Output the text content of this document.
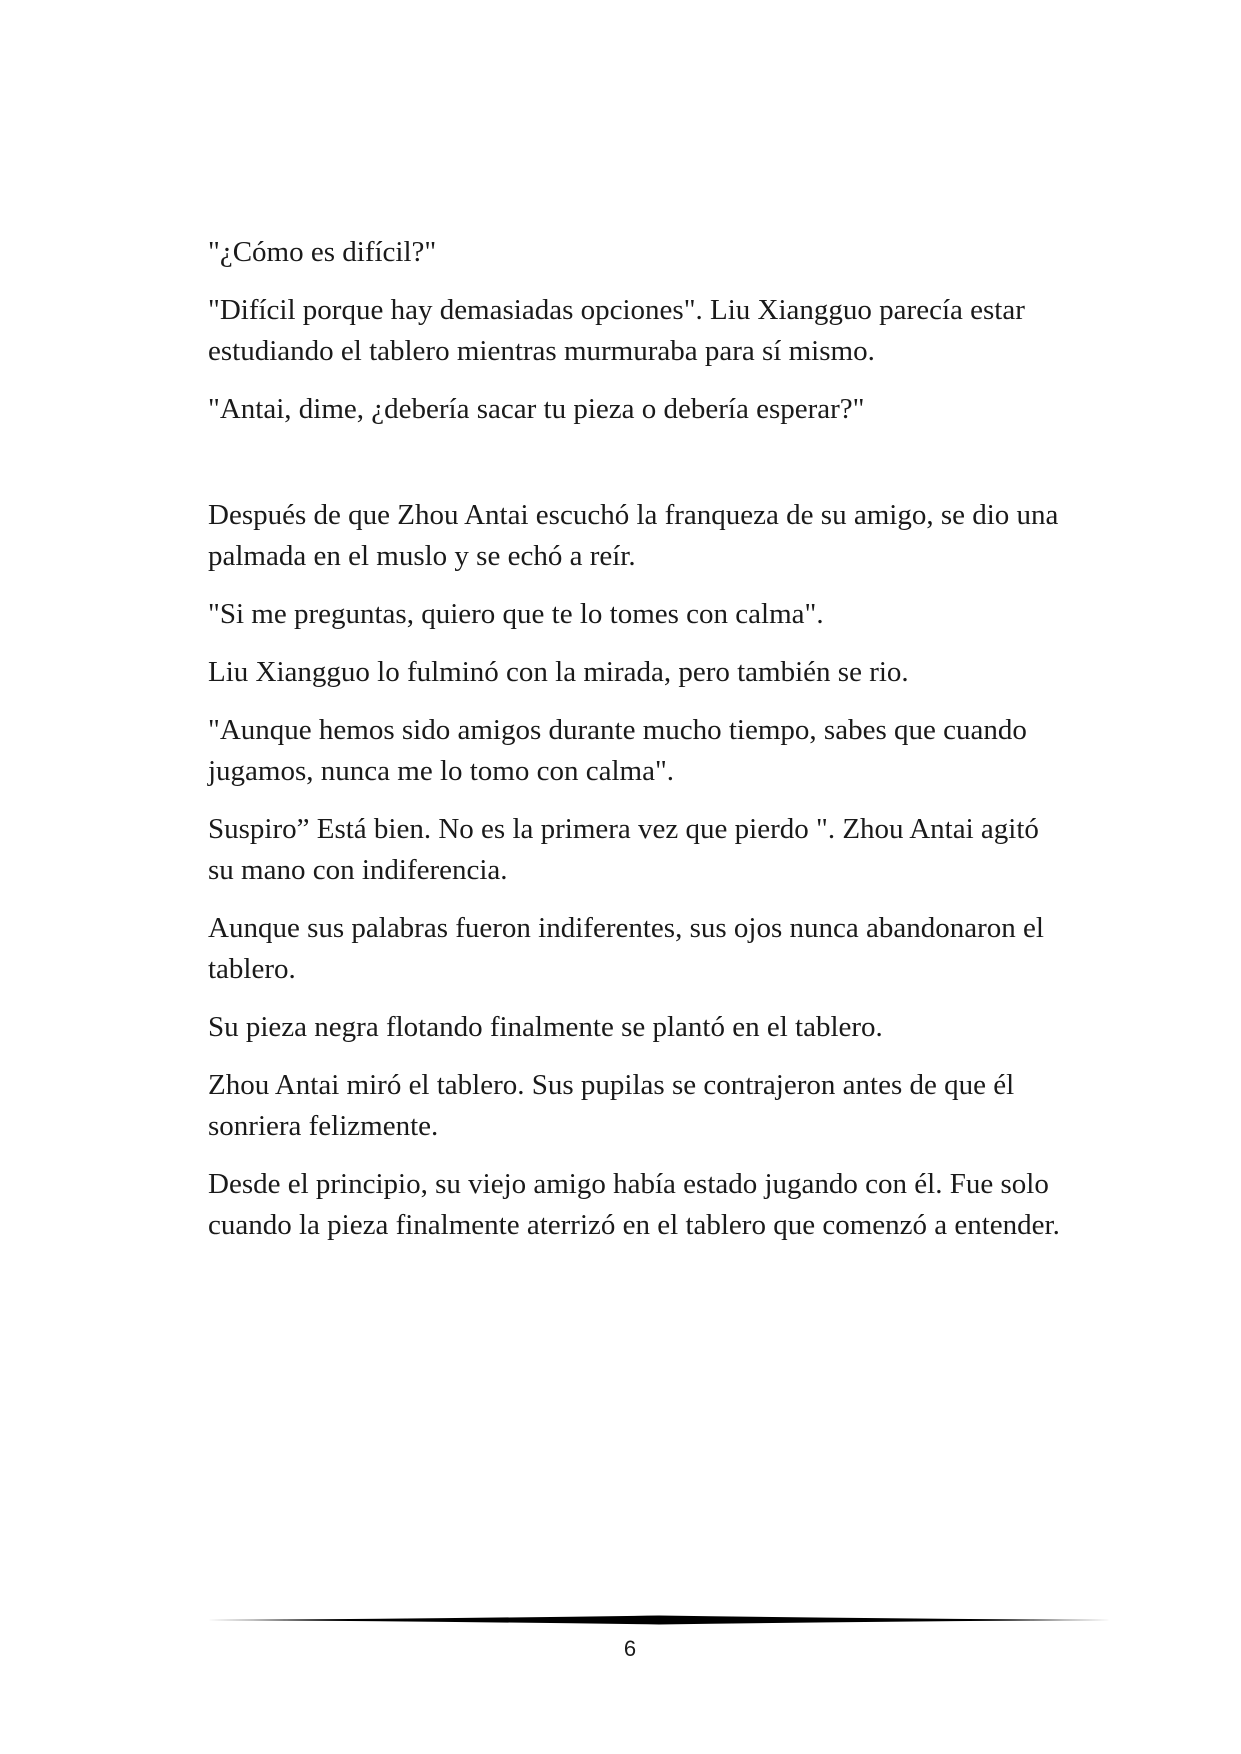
"¿Cómo es difícil?"

"Difícil porque hay demasiadas opciones". Liu Xiangguo parecía estar estudiando el tablero mientras murmuraba para sí mismo.

"Antai, dime, ¿debería sacar tu pieza o debería esperar?"

Después de que Zhou Antai escuchó la franqueza de su amigo, se dio una palmada en el muslo y se echó a reír.

"Si me preguntas, quiero que te lo tomes con calma".

Liu Xiangguo lo fulminó con la mirada, pero también se rio.

"Aunque hemos sido amigos durante mucho tiempo, sabes que cuando jugamos, nunca me lo tomo con calma".

Suspiro” Está bien. No es la primera vez que pierdo ". Zhou Antai agitó su mano con indiferencia.

Aunque sus palabras fueron indiferentes, sus ojos nunca abandonaron el tablero.

Su pieza negra flotando finalmente se plantó en el tablero.

Zhou Antai miró el tablero. Sus pupilas se contrajeron antes de que él sonriera felizmente.

Desde el principio, su viejo amigo había estado jugando con él. Fue solo cuando la pieza finalmente aterrizó en el tablero que comenzó a entender.

6
